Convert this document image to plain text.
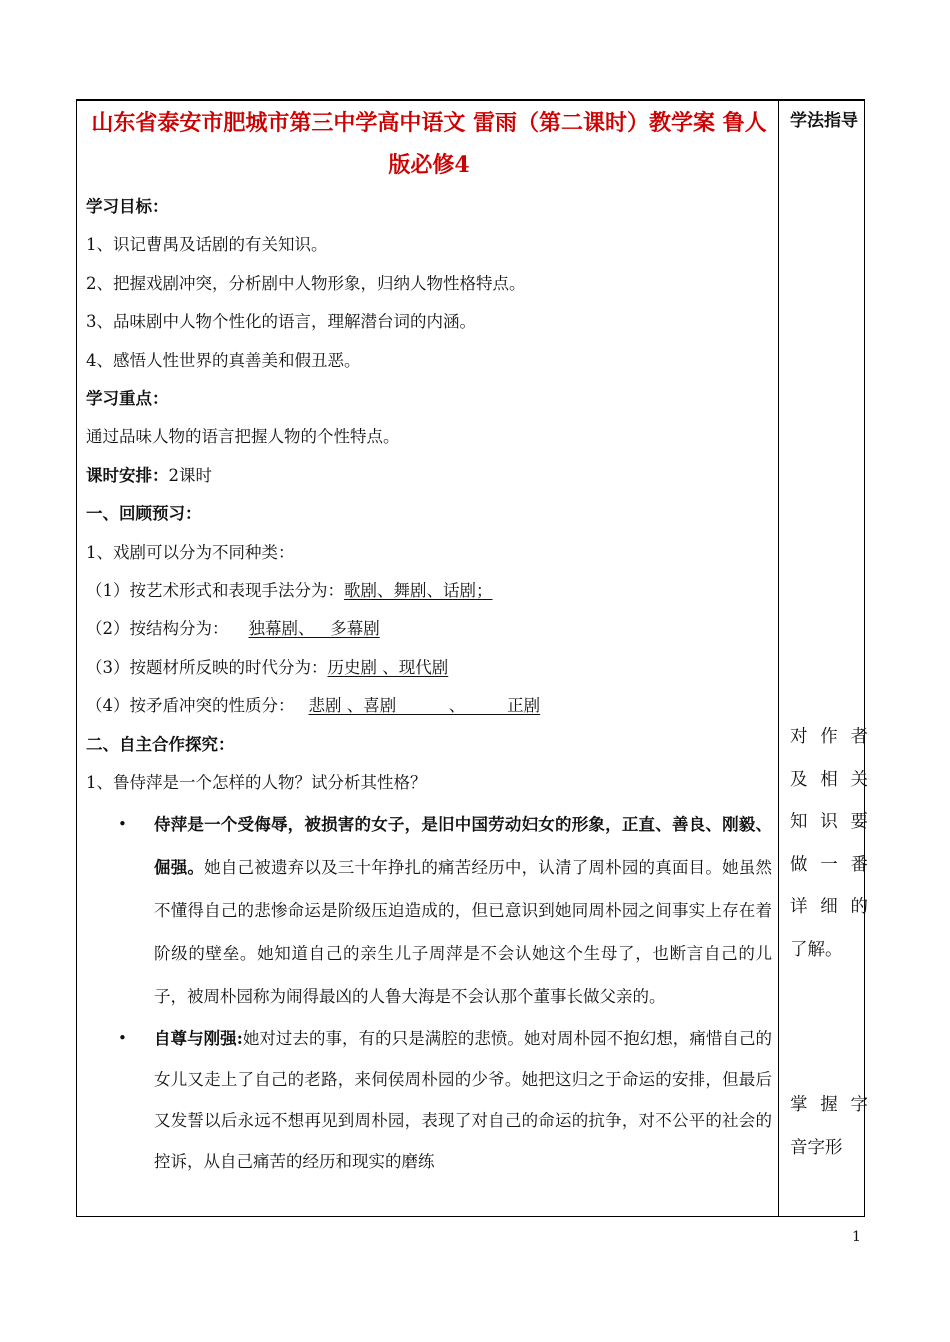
山东省泰安市肥城市第三中学高中语文 雷雨（第二课时）教学案 鲁人版必修4
学习目标：
1、识记曹禺及话剧的有关知识。
2、把握戏剧冲突，分析剧中人物形象，归纳人物性格特点。
3、品味剧中人物个性化的语言，理解潜台词的内涵。
4、感悟人性世界的真善美和假丑恶。
学习重点：
通过品味人物的语言把握人物的个性特点。
课时安排：2课时
一、回顾预习：
1、戏剧可以分为不同种类：
（1）按艺术形式和表现手法分为：歌剧、舞剧、话剧；
（2）按结构分为： 独幕剧、   多幕剧
（3）按题材所反映的时代分为：历史剧 、现代剧
（4）按矛盾冲突的性质分： 悲剧 、喜剧          、        正剧
二、自主合作探究：
1、鲁侍萍是一个怎样的人物？试分析其性格？
• 侍萍是一个受侮辱，被损害的女子，是旧中国劳动妇女的形象，正直、善良、刚毅、倔强。她自己被遗弃以及三十年挣扎的痛苦经历中，认清了周朴园的真面目。她虽然不懂得自己的悲惨命运是阶级压迫造成的，但已意识到她同周朴园之间事实上存在着阶级的壁垒。她知道自己的亲生儿子周萍是不会认她这个生母了，也断言自己的儿子，被周朴园称为闹得最凶的人鲁大海是不会认那个董事长做父亲的。
• 自尊与刚强:她对过去的事，有的只是满腔的悲愤。她对周朴园不抱幻想，痛惜自己的女儿又走上了自己的老路，来伺侯周朴园的少爷。她把这归之于命运的安排，但最后又发誓以后永远不想再见到周朴园，表现了对自己的命运的抗争，对不公平的社会的控诉，从自己痛苦的经历和现实的磨练
学法指导
对 作 者
及 相 关
知 识 要
做 一 番
详 细 的
了解。
掌 握 字
音字形
1
